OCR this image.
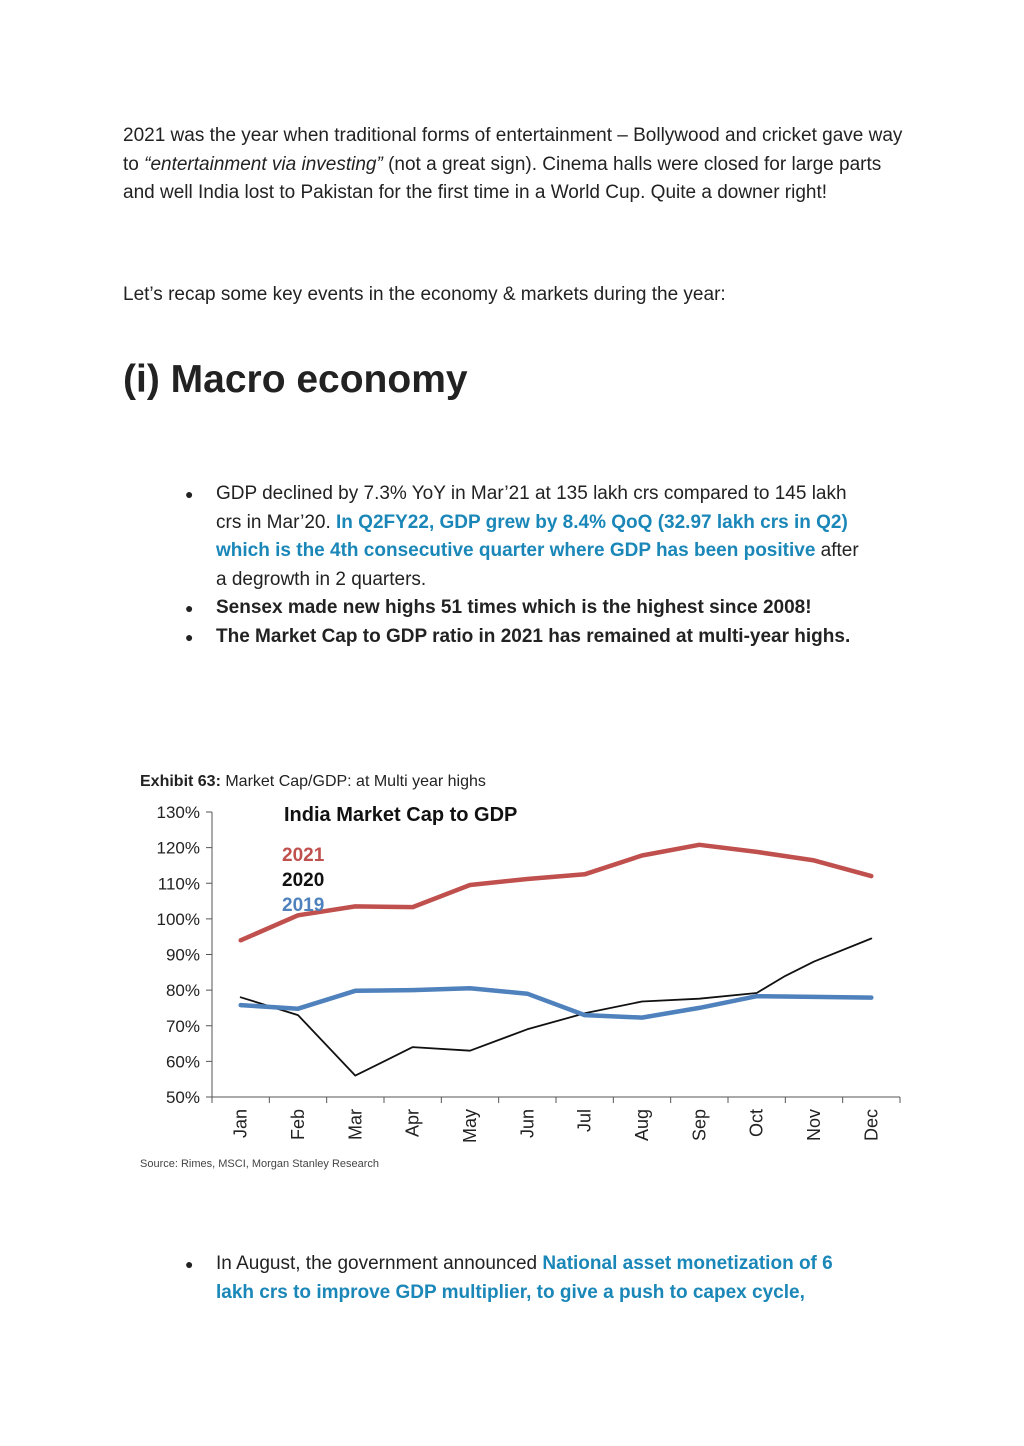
2021 was the year when traditional forms of entertainment – Bollywood and cricket gave way to “entertainment via investing” (not a great sign). Cinema halls were closed for large parts and well India lost to Pakistan for the first time in a World Cup. Quite a downer right!

Let’s recap some key events in the economy & markets during the year:

(i) Macro economy
● GDP declined by 7.3% YoY in Mar’21 at 135 lakh crs compared to 145 lakh crs in Mar’20. In Q2FY22, GDP grew by 8.4% QoQ (32.97 lakh crs in Q2) which is the 4th consecutive quarter where GDP has been positive after a degrowth in 2 quarters.
● Sensex made new highs 51 times which is the highest since 2008!
● The Market Cap to GDP ratio in 2021 has remained at multi-year highs.

Exhibit 63: Market Cap/GDP: at Multi year highs

130%
120%
110%
100%
90%
80%
70%
60%
50%
Jan Feb Mar Apr May Jun Jul Aug Sep Oct Nov Dec
India Market Cap to GDP
2021
2020
2019

Source: Rimes, MSCI, Morgan Stanley Research

● In August, the government announced National asset monetization of 6 lakh crs to improve GDP multiplier, to give a push to capex cycle,
